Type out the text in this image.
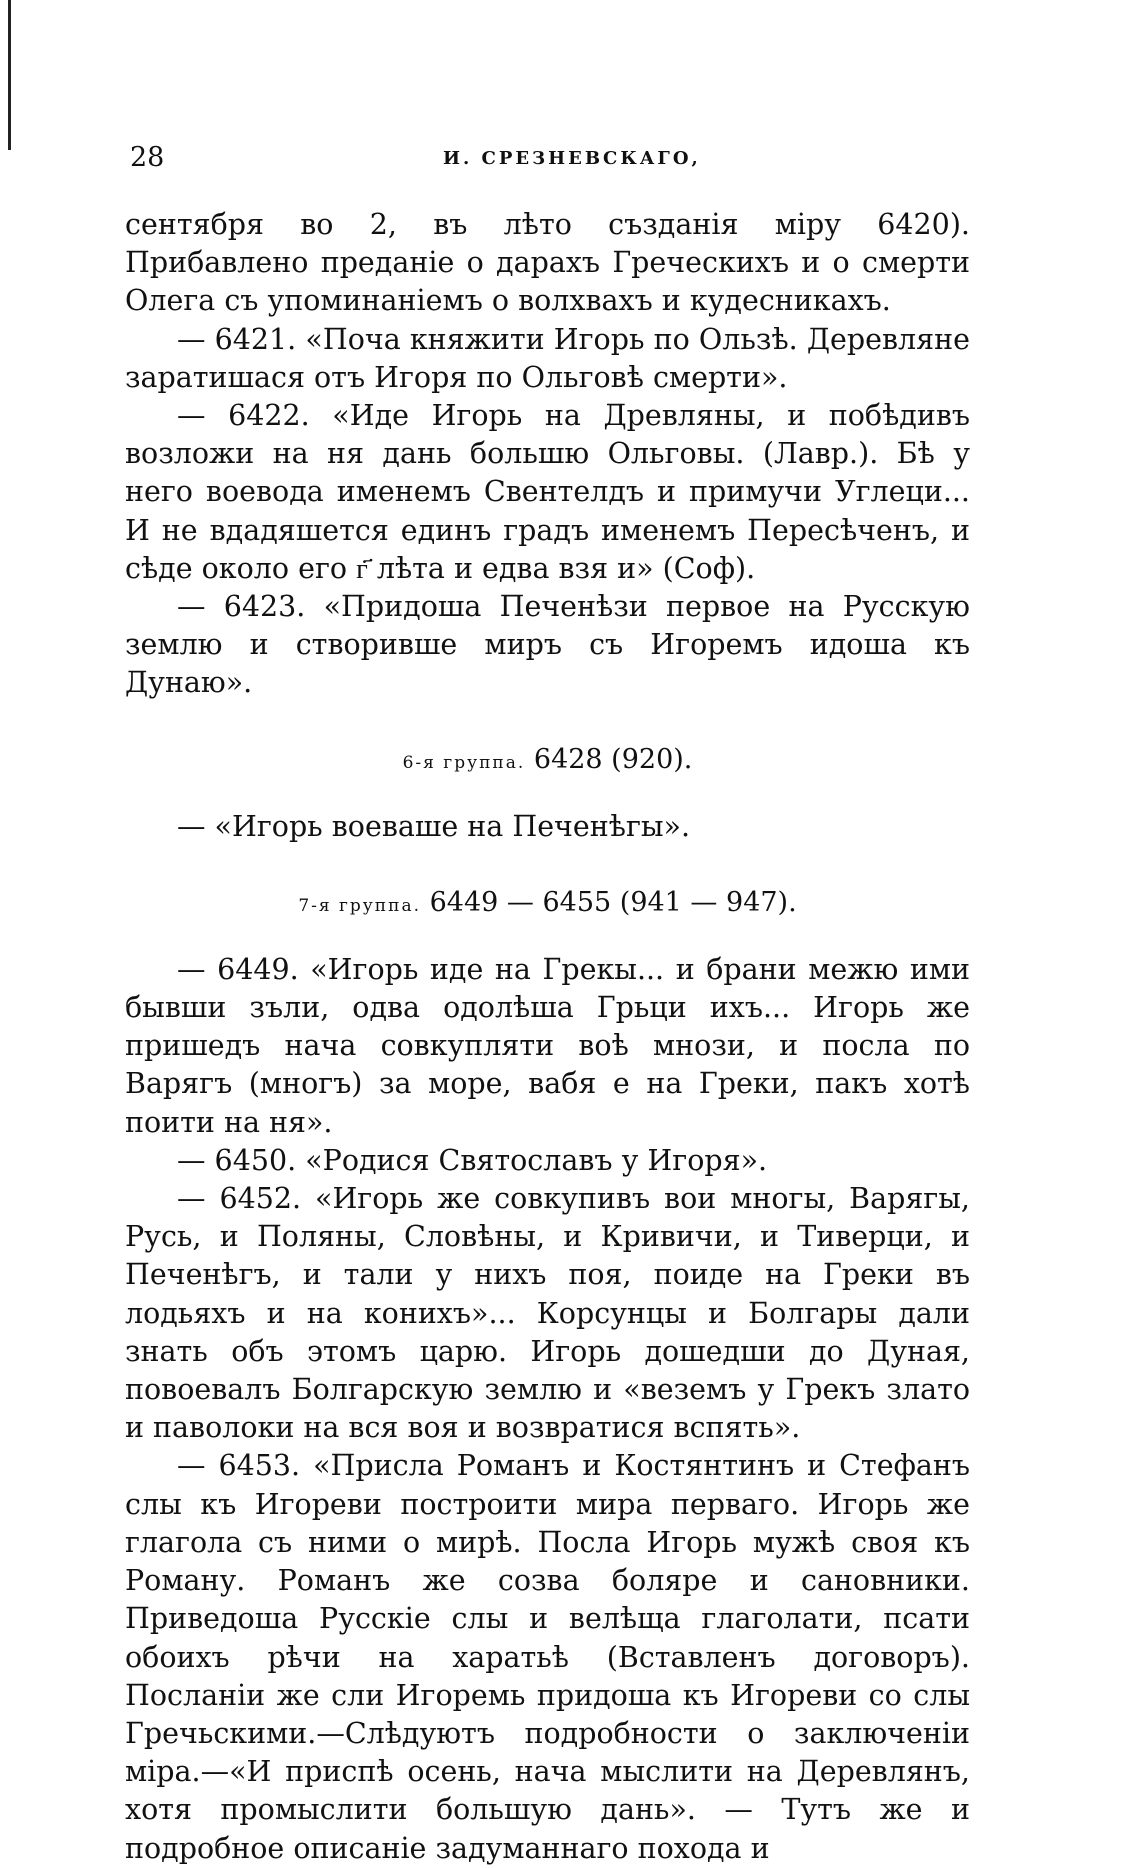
28	И. СРЕЗНЕВСКАГО,

сентября во 2, въ лѣто създанія міру 6420). Прибавлено преданіе о дарахъ Греческихъ и о смерти Олега съ упоминаніемъ о волхвахъ и кудесникахъ.

— 6421. «Поча княжити Игорь по Ользѣ. Деревляне заратишася отъ Игоря по Ольговѣ смерти».

— 6422. «Иде Игорь на Древляны, и побѣдивъ возложи на ня дань большю Ольговы. (Лавр.). Бѣ у него воевода именемъ Свентелдъ и примучи Углеци... И не вдадяшется единъ градъ именемъ Пересѣченъ, и сѣде около его г҃ лѣта и едва взя и» (Соф).

— 6423. «Придоша Печенѣзи первое на Русскую землю и створивше миръ съ Игоремъ идоша къ Дунаю».

6-я группа. 6428 (920).

— «Игорь воеваше на Печенѣгы».

7-я группа. 6449 — 6455 (941 — 947).

— 6449. «Игорь иде на Грекы... и брани межю ими бывши зъли, одва одолѣша Грьци ихъ... Игорь же пришедъ нача совкупляти воѣ мнози, и посла по Варягъ (многъ) за море, вабя е на Греки, пакъ хотѣ поити на ня».

— 6450. «Родися Святославъ у Игоря».

— 6452. «Игорь же совкупивъ вои многы, Варягы, Русь, и Поляны, Словѣны, и Кривичи, и Тиверци, и Печенѣгъ, и тали у нихъ поя, поиде на Греки въ лодьяхъ и на конихъ»... Корсунцы и Болгары дали знать объ этомъ царю. Игорь дошедши до Дуная, повоевалъ Болгарскую землю и «веземъ у Грекъ злато и паволоки на вся воя и возвратися вспять».

— 6453. «Присла Романъ и Костянтинъ и Стефанъ слы къ Игореви построити мира перваго. Игорь же глагола съ ними о мирѣ. Посла Игорь мужѣ своя къ Роману. Романъ же созва боляре и сановники. Приведоша Русскіе слы и велѣща глаголати, псати обоихъ рѣчи на харатьѣ (Вставленъ договоръ). Посланіи же сли Игоремь придоша къ Игореви со слы Гречьскими.—Слѣдуютъ подробности о заключеніи міра.—«И приспѣ осень, нача мыслити на Деревлянъ, хотя промыслити большую дань». — Тутъ же и подробное описаніе задуманнаго похода и
